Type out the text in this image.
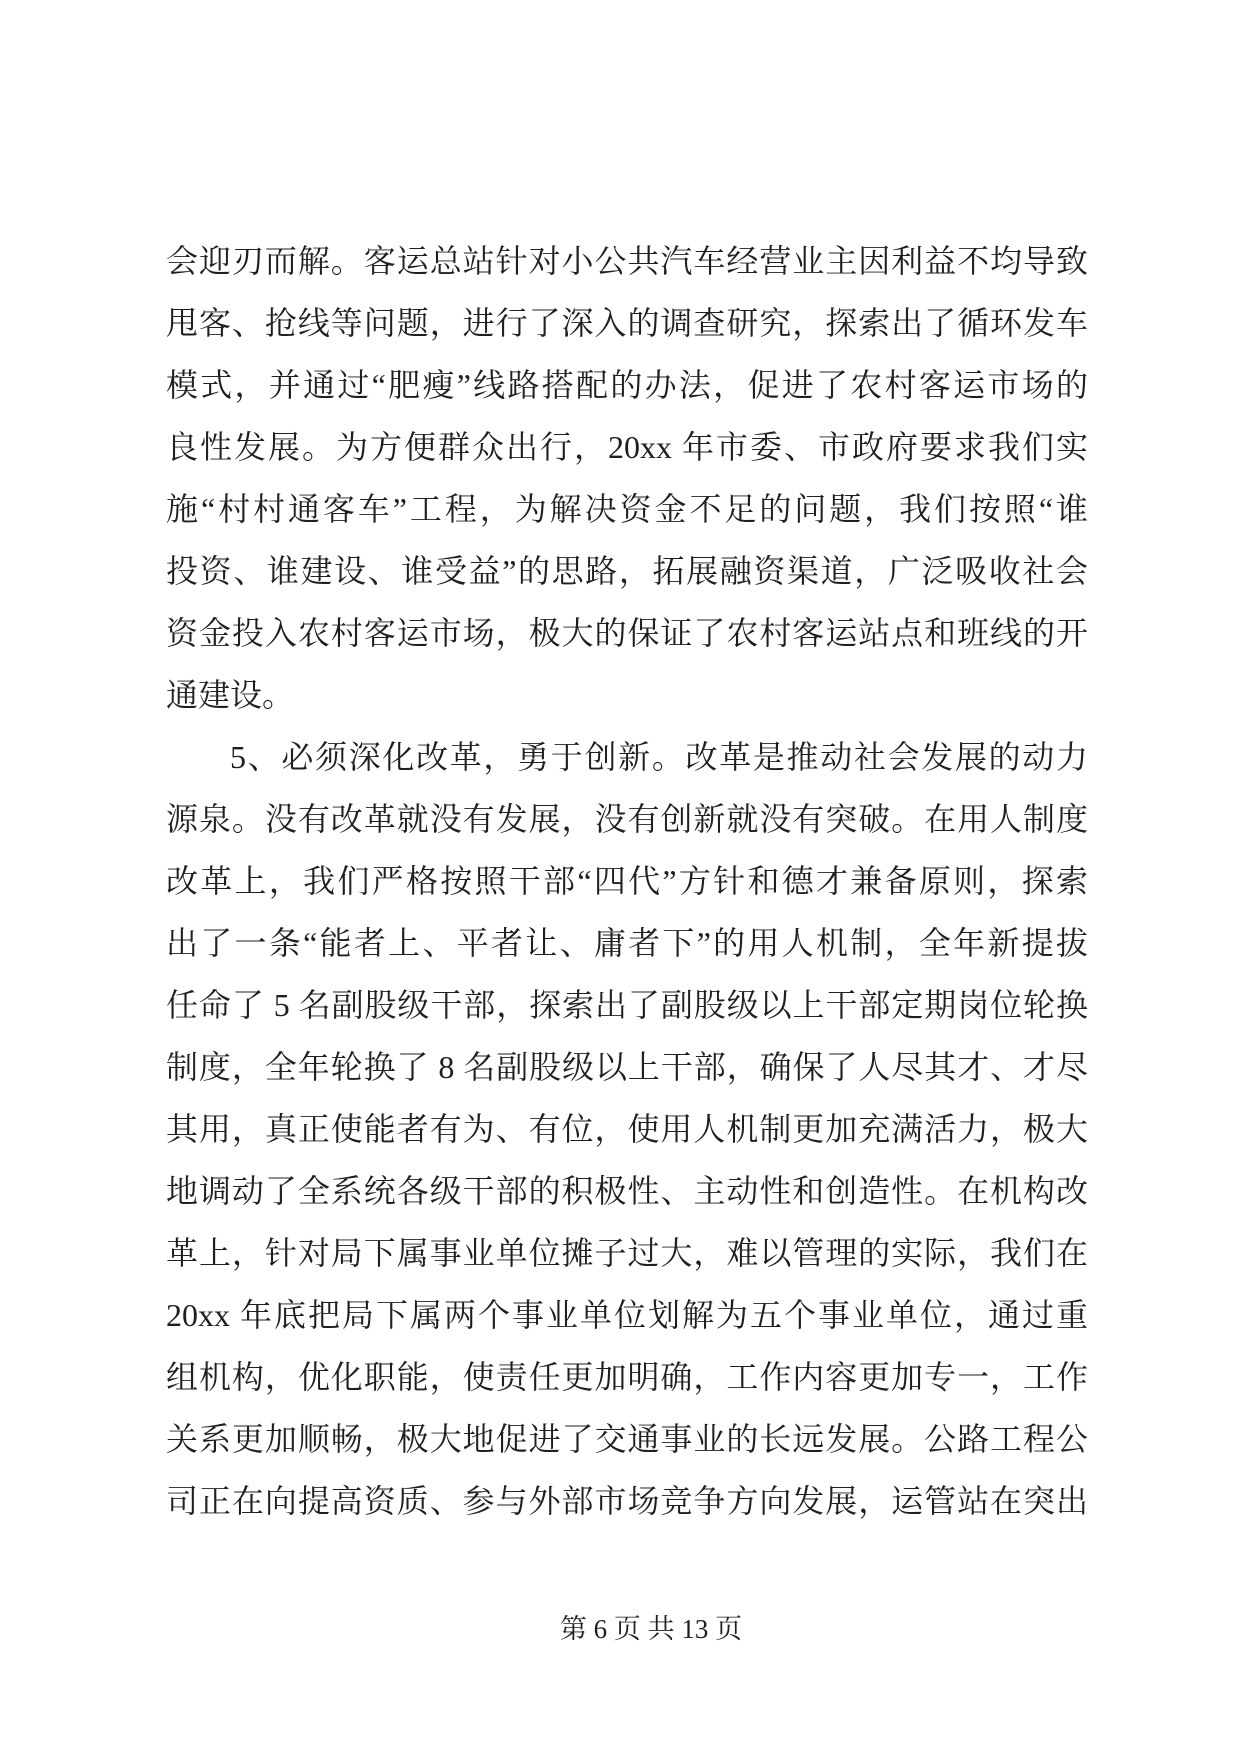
会迎刃而解。客运总站针对小公共汽车经营业主因利益不均导致
甩客、抢线等问题，进行了深入的调查研究，探索出了循环发车
模式，并通过“肥瘦”线路搭配的办法，促进了农村客运市场的
良性发展。为方便群众出行，20xx 年市委、市政府要求我们实
施“村村通客车”工程，为解决资金不足的问题，我们按照“谁
投资、谁建设、谁受益”的思路，拓展融资渠道，广泛吸收社会
资金投入农村客运市场，极大的保证了农村客运站点和班线的开
通建设。
5、必须深化改革，勇于创新。改革是推动社会发展的动力
源泉。没有改革就没有发展，没有创新就没有突破。在用人制度
改革上，我们严格按照干部“四代”方针和德才兼备原则，探索
出了一条“能者上、平者让、庸者下”的用人机制，全年新提拔
任命了 5 名副股级干部，探索出了副股级以上干部定期岗位轮换
制度，全年轮换了 8 名副股级以上干部，确保了人尽其才、才尽
其用，真正使能者有为、有位，使用人机制更加充满活力，极大
地调动了全系统各级干部的积极性、主动性和创造性。在机构改
革上，针对局下属事业单位摊子过大，难以管理的实际，我们在
20xx 年底把局下属两个事业单位划解为五个事业单位，通过重
组机构，优化职能，使责任更加明确，工作内容更加专一，工作
关系更加顺畅，极大地促进了交通事业的长远发展。公路工程公
司正在向提高资质、参与外部市场竞争方向发展，运管站在突出
第 6 页 共 13 页
